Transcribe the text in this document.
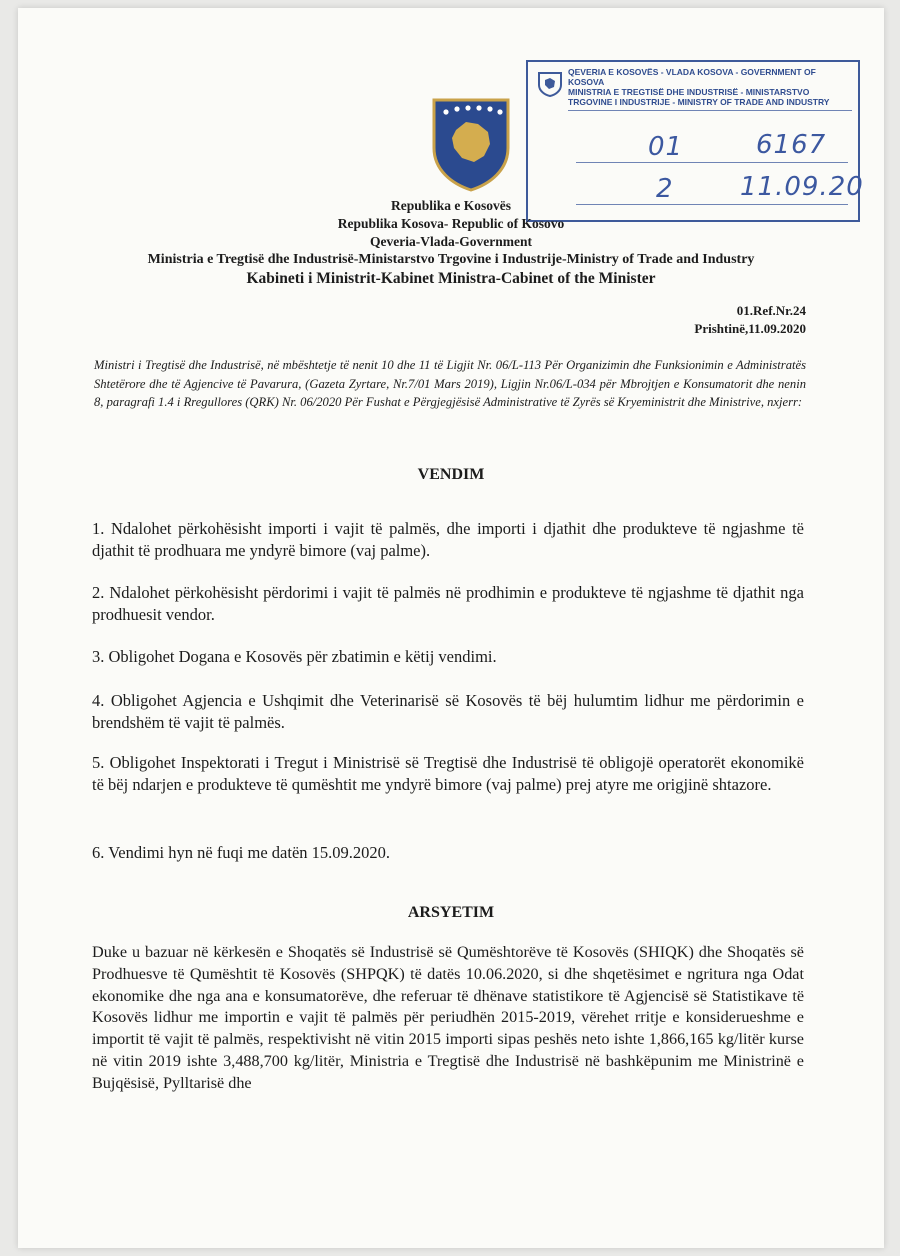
QEVERIA E KOSOVËS - VLADA KOSOVA - GOVERNMENT OF KOSOVA
MINISTRIA E TREGTISË DHE INDUSTRISË - MINISTARSTVO TRGOVINE I INDUSTRIJE - MINISTRY OF TRADE AND INDUSTRY
01	6167
2	11.09.20
Republika e Kosovës
Republika Kosova- Republic of Kosovo
Qeveria-Vlada-Government
Ministria e Tregtisë dhe Industrisë-Ministarstvo Trgovine i Industrije-Ministry of Trade and Industry
Kabineti i Ministrit-Kabinet Ministra-Cabinet of the Minister
01.Ref.Nr.24
Prishtinë,11.09.2020
Ministri i Tregtisë dhe Industrisë, në mbështetje të nenit 10 dhe 11 të Ligjit Nr. 06/L-113 Për Organizimin dhe Funksionimin e Administratës Shtetërore dhe të Agjencive të Pavarura, (Gazeta Zyrtare, Nr.7/01 Mars 2019), Ligjin Nr.06/L-034 për Mbrojtjen e Konsumatorit dhe nenin 8, paragrafi 1.4 i Rregullores (QRK) Nr. 06/2020 Për Fushat e Përgjegjësisë Administrative të Zyrës së Kryeministrit dhe Ministrive, nxjerr:
VENDIM
1. Ndalohet përkohësisht importi i vajit të palmës, dhe importi i djathit dhe produkteve të ngjashme të djathit të prodhuara me yndyrë bimore (vaj palme).
2. Ndalohet përkohësisht përdorimi i vajit të palmës në prodhimin e produkteve të ngjashme të djathit nga prodhuesit vendor.
3. Obligohet Dogana e Kosovës për zbatimin e këtij vendimi.
4. Obligohet Agjencia e Ushqimit dhe Veterinarisë së Kosovës të bëj hulumtim lidhur me përdorimin e brendshëm të vajit të palmës.
5. Obligohet Inspektorati i Tregut i Ministrisë së Tregtisë dhe Industrisë të obligojë operatorët ekonomikë të bëj ndarjen e produkteve të qumështit me yndyrë bimore (vaj palme) prej atyre me origjinë shtazore.
6. Vendimi hyn në fuqi me datën 15.09.2020.
ARSYETIM
Duke u bazuar në kërkesën e Shoqatës së Industrisë së Qumështorëve të Kosovës (SHIQK) dhe Shoqatës së Prodhuesve të Qumështit të Kosovës (SHPQK) të datës 10.06.2020, si dhe shqetësimet e ngritura nga Odat ekonomike dhe nga ana e konsumatorëve, dhe referuar të dhënave statistikore të Agjencisë së Statistikave të Kosovës lidhur me importin e vajit të palmës për periudhën 2015-2019, vërehet rritje e konsiderueshme e importit të vajit të palmës, respektivisht në vitin 2015 importi sipas peshës neto ishte 1,866,165 kg/litër kurse në vitin 2019 ishte 3,488,700 kg/litër, Ministria e Tregtisë dhe Industrisë në bashkëpunim me Ministrinë e Bujqësisë, Pylltarisë dhe
